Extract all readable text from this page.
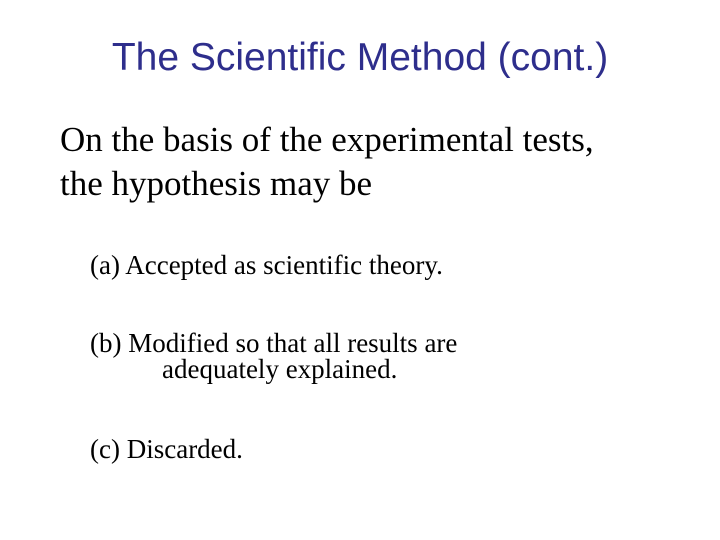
The Scientific Method (cont.)
On the basis of the experimental tests,
the hypothesis may be
(a) Accepted as scientific theory.
(b) Modified so that all results are
adequately explained.
(c) Discarded.
